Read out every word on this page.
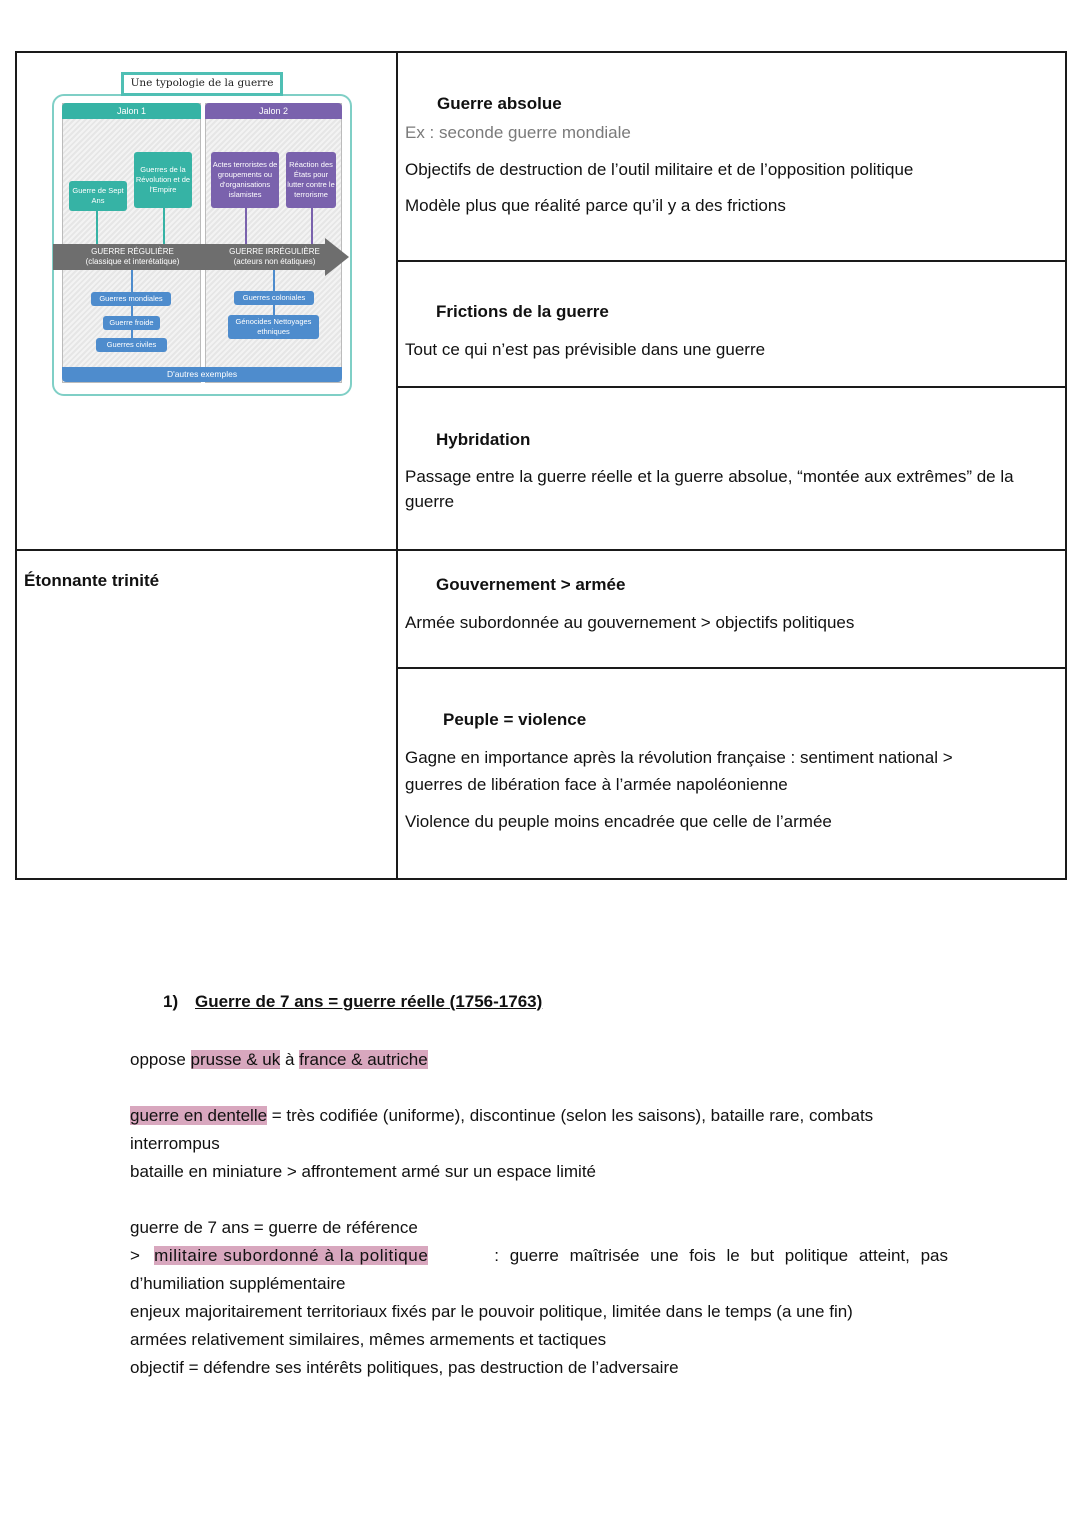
Guerre absolue
Ex : seconde guerre mondiale
Objectifs de destruction de l’outil militaire et de l’opposition politique
Modèle plus que réalité parce qu’il y a des frictions
Frictions de la guerre
Tout ce qui n’est pas prévisible dans une guerre
Hybridation
Passage entre la guerre réelle et la guerre absolue, “montée aux extrêmes” de la
guerre
Étonnante trinité	Gouvernement > armée
Armée subordonnée au gouvernement > objectifs politiques
Peuple = violence
Gagne en importance après la révolution française : sentiment national >
guerres de libération face à l’armée napoléonienne
Violence du peuple moins encadrée que celle de l’armée
Une typologie de la guerre
Jalon 1	Jalon 2
Guerre de Sept Ans
Guerres de la Révolution et de l'Empire
Actes terroristes de groupements ou d'organisations islamistes
Réaction des États pour lutter contre le terrorisme
GUERRE RÉGULIÈRE
(classique et interétatique)
GUERRE IRRÉGULIÈRE
(acteurs non étatiques)
Guerres mondiales
Guerre froide
Guerres civiles
Guerres coloniales
Génocides Nettoyages ethniques
D'autres exemples
1) Guerre de 7 ans = guerre réelle (1756-1763)
oppose prusse & uk à france & autriche
guerre en dentelle = très codifiée (uniforme), discontinue (selon les saisons), bataille rare, combats
interrompus
bataille en miniature > affrontement armé sur un espace limité
guerre de 7 ans = guerre de référence
> militaire subordonné à la politique	: guerre maîtrisée une fois le but politique atteint, pas
d’humiliation supplémentaire
enjeux majoritairement territoriaux fixés par le pouvoir politique, limitée dans le temps (a une fin)
armées relativement similaires, mêmes armements et tactiques
objectif = défendre ses intérêts politiques, pas destruction de l’adversaire
